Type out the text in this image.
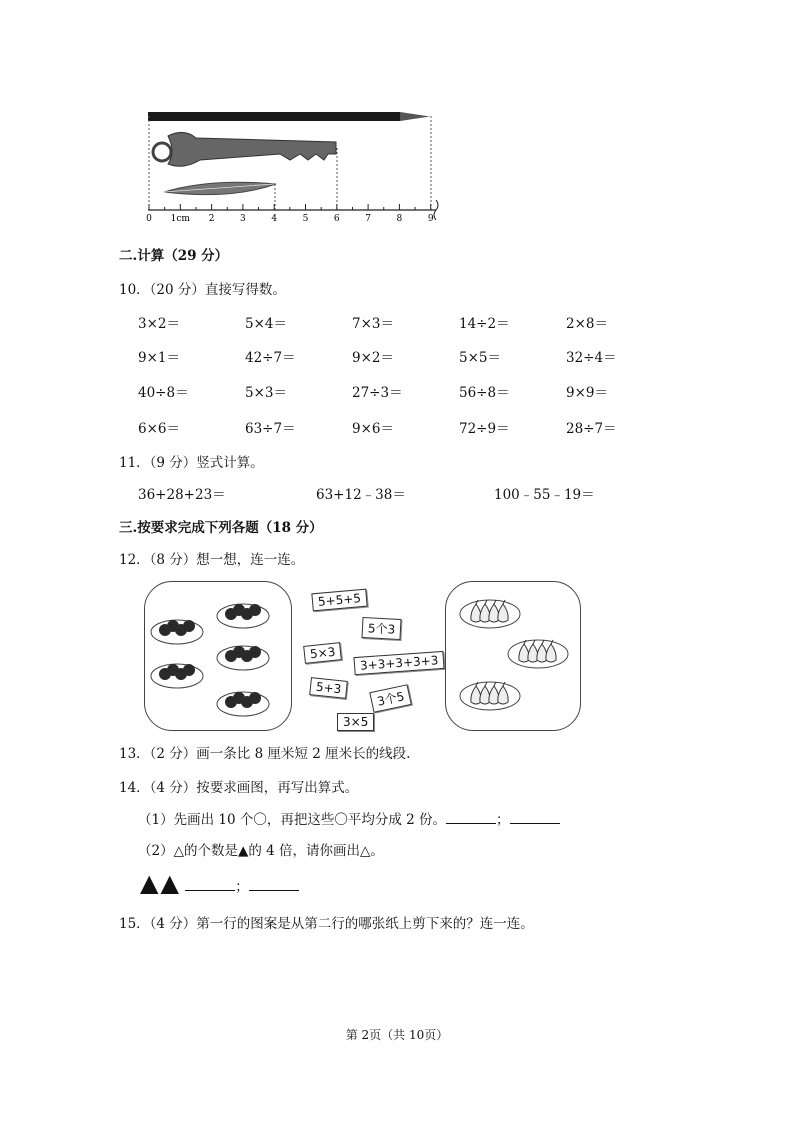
0 1cm 2	3	4	5	6	7	8	9
二.计算（29 分）
10．（20 分）直接写得数。
3×2＝	5×4＝	7×3＝	14÷2＝	2×8＝
9×1＝	42÷7＝	9×2＝	5×5＝	32÷4＝
40÷8＝	5×3＝	27÷3＝	56÷8＝	9×9＝
6×6＝	63÷7＝	9×6＝	72÷9＝	28÷7＝
11．（9 分）竖式计算。
36+28+23＝	63+12﹣38＝	100﹣55﹣19＝
三.按要求完成下列各题（18 分）
12．（8 分）想一想，连一连。
5+5+5
5个3
5×3
3+3+3+3+3
5+3
3个5
3×5
13．（2 分）画一条比 8 厘米短 2 厘米长的线段.
14．（4 分）按要求画图，再写出算式。
（1）先画出 10 个〇，再把这些〇平均分成 2 份。	；
（2）△的个数是▲的 4 倍，请你画出△。
▲▲	；
15．（4 分）第一行的图案是从第二行的哪张纸上剪下来的？连一连。
第 2页（共 10页）
